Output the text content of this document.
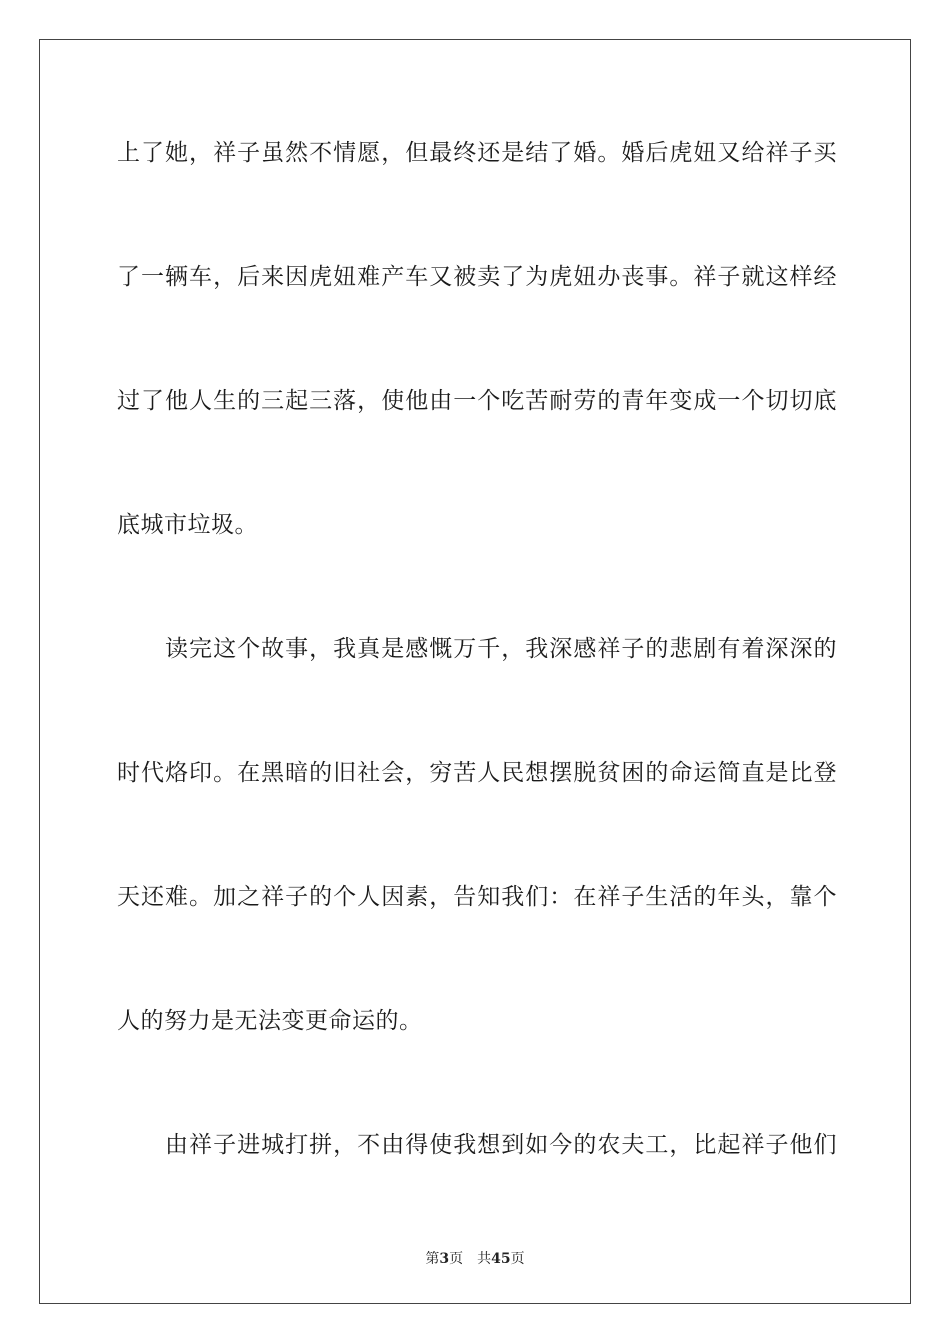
上了她，祥子虽然不情愿，但最终还是结了婚。婚后虎妞又给祥子买

了一辆车，后来因虎妞难产车又被卖了为虎妞办丧事。祥子就这样经

过了他人生的三起三落，使他由一个吃苦耐劳的青年变成一个切切底

底城市垃圾。

　　读完这个故事，我真是感慨万千，我深感祥子的悲剧有着深深的

时代烙印。在黑暗的旧社会，穷苦人民想摆脱贫困的命运简直是比登

天还难。加之祥子的个人因素，告知我们：在祥子生活的年头，靠个

人的努力是无法变更命运的。

　　由祥子进城打拼，不由得使我想到如今的农夫工，比起祥子他们

第3页 共45页
